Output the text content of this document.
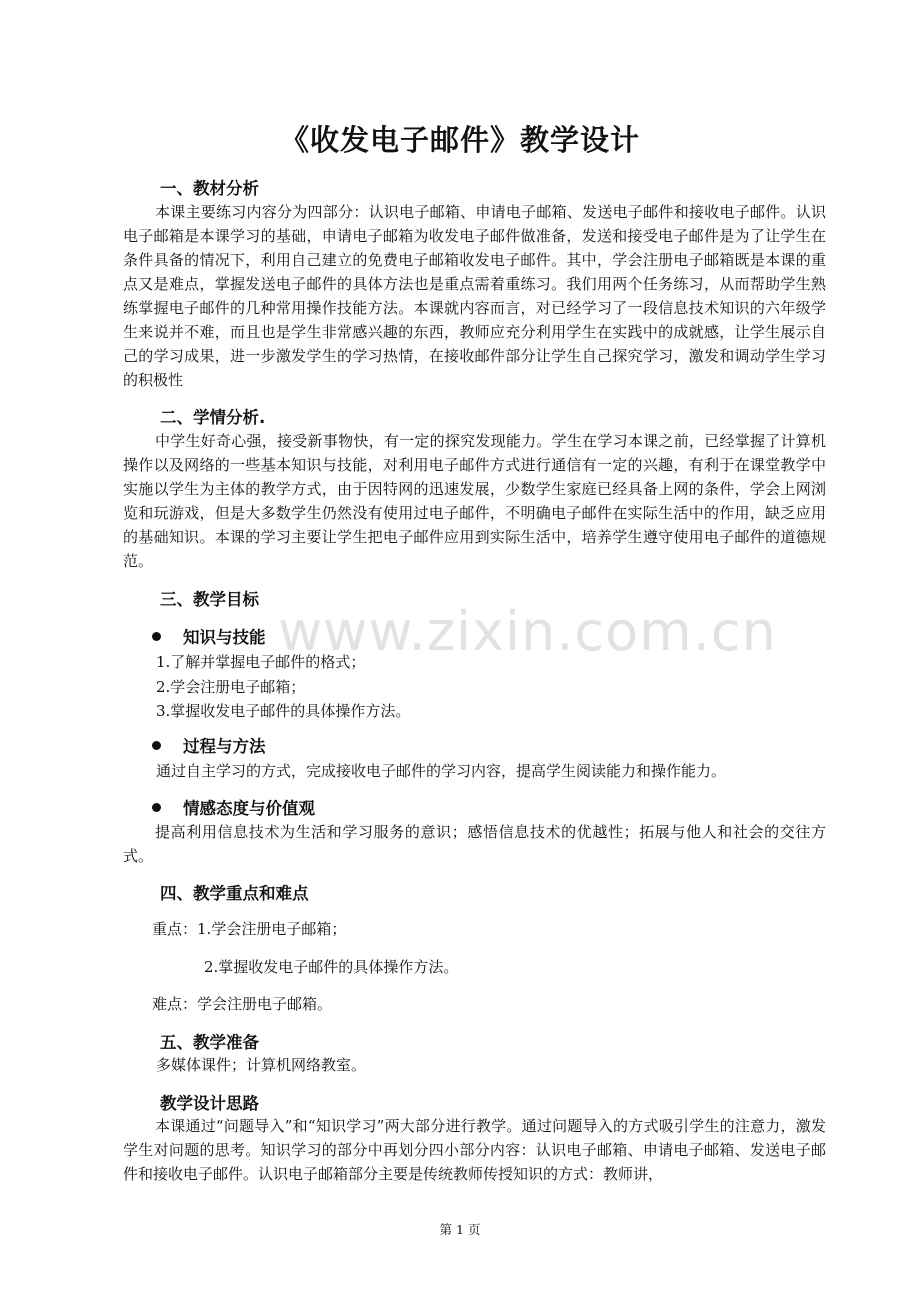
《收发电子邮件》教学设计
一、教材分析

本课主要练习内容分为四部分：认识电子邮箱、申请电子邮箱、发送电子邮件和接收电子邮件。认识电子邮箱是本课学习的基础，申请电子邮箱为收发电子邮件做准备，发送和接受电子邮件是为了让学生在条件具备的情况下，利用自己建立的免费电子邮箱收发电子邮件。其中，学会注册电子邮箱既是本课的重点又是难点，掌握发送电子邮件的具体方法也是重点需着重练习。我们用两个任务练习，从而帮助学生熟练掌握电子邮件的几种常用操作技能方法。本课就内容而言，对已经学习了一段信息技术知识的六年级学生来说并不难，而且也是学生非常感兴趣的东西，教师应充分利用学生在实践中的成就感，让学生展示自己的学习成果，进一步激发学生的学习热情，在接收邮件部分让学生自己探究学习，激发和调动学生学习的积极性

二、学情分析.

中学生好奇心强，接受新事物快，有一定的探究发现能力。学生在学习本课之前，已经掌握了计算机操作以及网络的一些基本知识与技能，对利用电子邮件方式进行通信有一定的兴趣，有利于在课堂教学中实施以学生为主体的教学方式，由于因特网的迅速发展，少数学生家庭已经具备上网的条件，学会上网浏览和玩游戏，但是大多数学生仍然没有使用过电子邮件，不明确电子邮件在实际生活中的作用，缺乏应用的基础知识。本课的学习主要让学生把电子邮件应用到实际生活中，培养学生遵守使用电子邮件的道德规范。

三、教学目标
知识与技能
1.了解并掌握电子邮件的格式；
2.学会注册电子邮箱；
3.掌握收发电子邮件的具体操作方法。
过程与方法
通过自主学习的方式，完成接收电子邮件的学习内容，提高学生阅读能力和操作能力。
情感态度与价值观

提高利用信息技术为生活和学习服务的意识；感悟信息技术的优越性；拓展与他人和社会的交往方式。

四、教学重点和难点
重点：1.学会注册电子邮箱；
2.掌握收发电子邮件的具体操作方法。
难点：学会注册电子邮箱。
五、教学准备
多媒体课件；计算机网络教室。
教学设计思路

本课通过“问题导入”和“知识学习”两大部分进行教学。通过问题导入的方式吸引学生的注意力，激发学生对问题的思考。知识学习的部分中再划分四小部分内容：认识电子邮箱、申请电子邮箱、发送电子邮件和接收电子邮件。认识电子邮箱部分主要是传统教师传授知识的方式：教师讲，

www.zixin.com.cn
第 1 页
